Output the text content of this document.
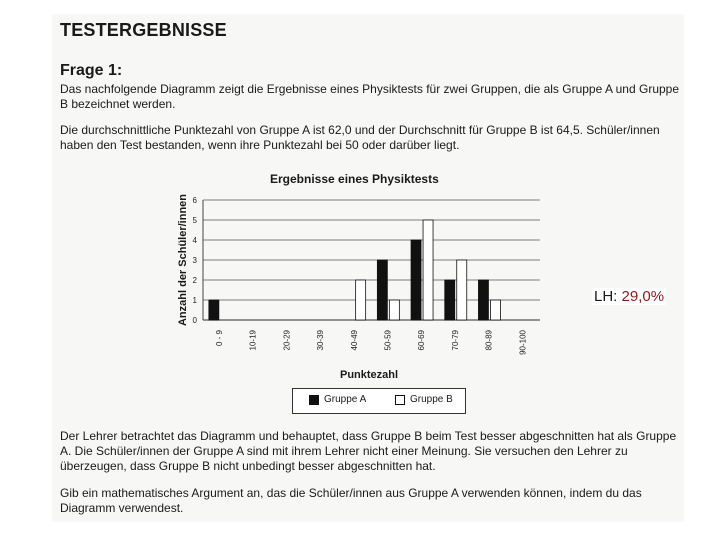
TESTERGEBNISSE
Frage 1:
Das nachfolgende Diagramm zeigt die Ergebnisse eines Physiktests für zwei Gruppen, die als Gruppe A und Gruppe B bezeichnet werden.
Die durchschnittliche Punktezahl von Gruppe A ist 62,0 und der Durchschnitt für Gruppe B ist 64,5. Schüler/innen haben den Test bestanden, wenn ihre Punktezahl bei 50 oder darüber liegt.
Ergebnisse eines Physiktests
Anzahl der Schüler/innen
Punktezahl
0
1
2
3
4
5
6
0 - 9	10-19	20-29	30-39	40-49	50-59	60-69	70-79	80-89	90-100
Gruppe A	Gruppe B
Der Lehrer betrachtet das Diagramm und behauptet, dass Gruppe B beim Test besser abgeschnitten hat als Gruppe A. Die Schüler/innen der Gruppe A sind mit ihrem Lehrer nicht einer Meinung. Sie versuchen den Lehrer zu überzeugen, dass Gruppe B nicht unbedingt besser abgeschnitten hat.
Gib ein mathematisches Argument an, das die Schüler/innen aus Gruppe A verwenden können, indem du das Diagramm verwendest.
LH: 29,0%
